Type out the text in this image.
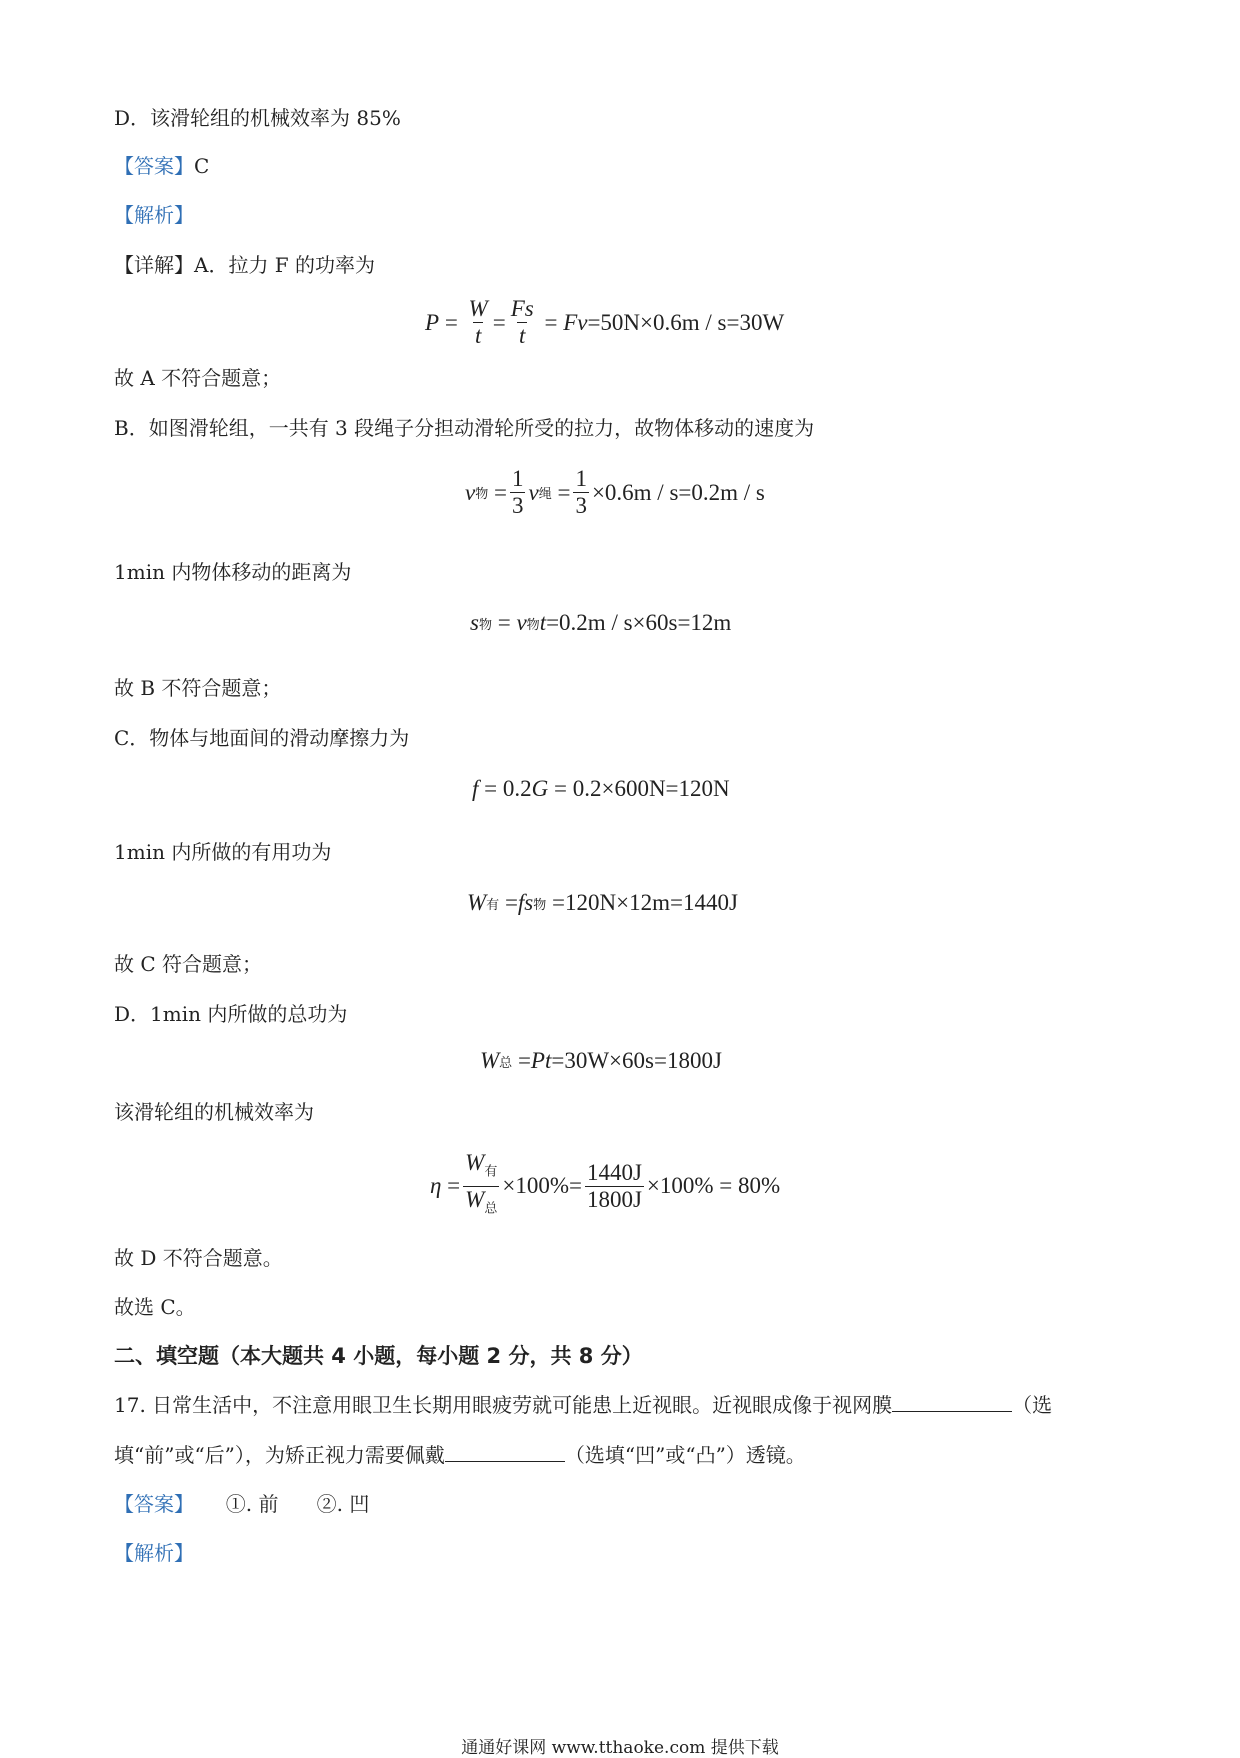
D．该滑轮组的机械效率为 85%
【答案】C
【解析】
【详解】A．拉力 F 的功率为
$P = \frac{W}{t} = \frac{Fs}{t} = Fv =50N\times 0.6m / s=30W$
故 A 不符合题意；
B．如图滑轮组，一共有 3 段绳子分担动滑轮所受的拉力，故物体移动的速度为
v 物 = $\frac{1}{3}$ v 绳 = $\frac{1}{3} \times 0.6m / s=0.2m / s$
1min 内物体移动的距离为
s 物 = v 物 t =0.2m / s×60s=12m
故 B 不符合题意；
C．物体与地面间的滑动摩擦力为
f = 0.2 G = 0.2×600N=120N
1min 内所做的有用功为
W 有 = fs 物 =120N×12m=1440J
故 C 符合题意；
D．1min 内所做的总功为
W 总 = Pt =30W×60s=1800J
该滑轮组的机械效率为
$\eta = \frac{W_有}{W_总} \times 100\%= \frac{1440J}{1800J} \times 100\% = 80\%$
故 D 不符合题意。
故选 C。
二、填空题（本大题共 4 小题，每小题 2 分，共 8 分）
17. 日常生活中，不注意用眼卫生长期用眼疲劳就可能患上近视眼。近视眼成像于视网膜	（选
填“前”或“后”），为矫正视力需要佩戴	（选填“凹”或“凸”）透镜。
【答案】 ①. 前 ②. 凹
【解析】
通通好课网 www.tthaoke.com 提供下载
